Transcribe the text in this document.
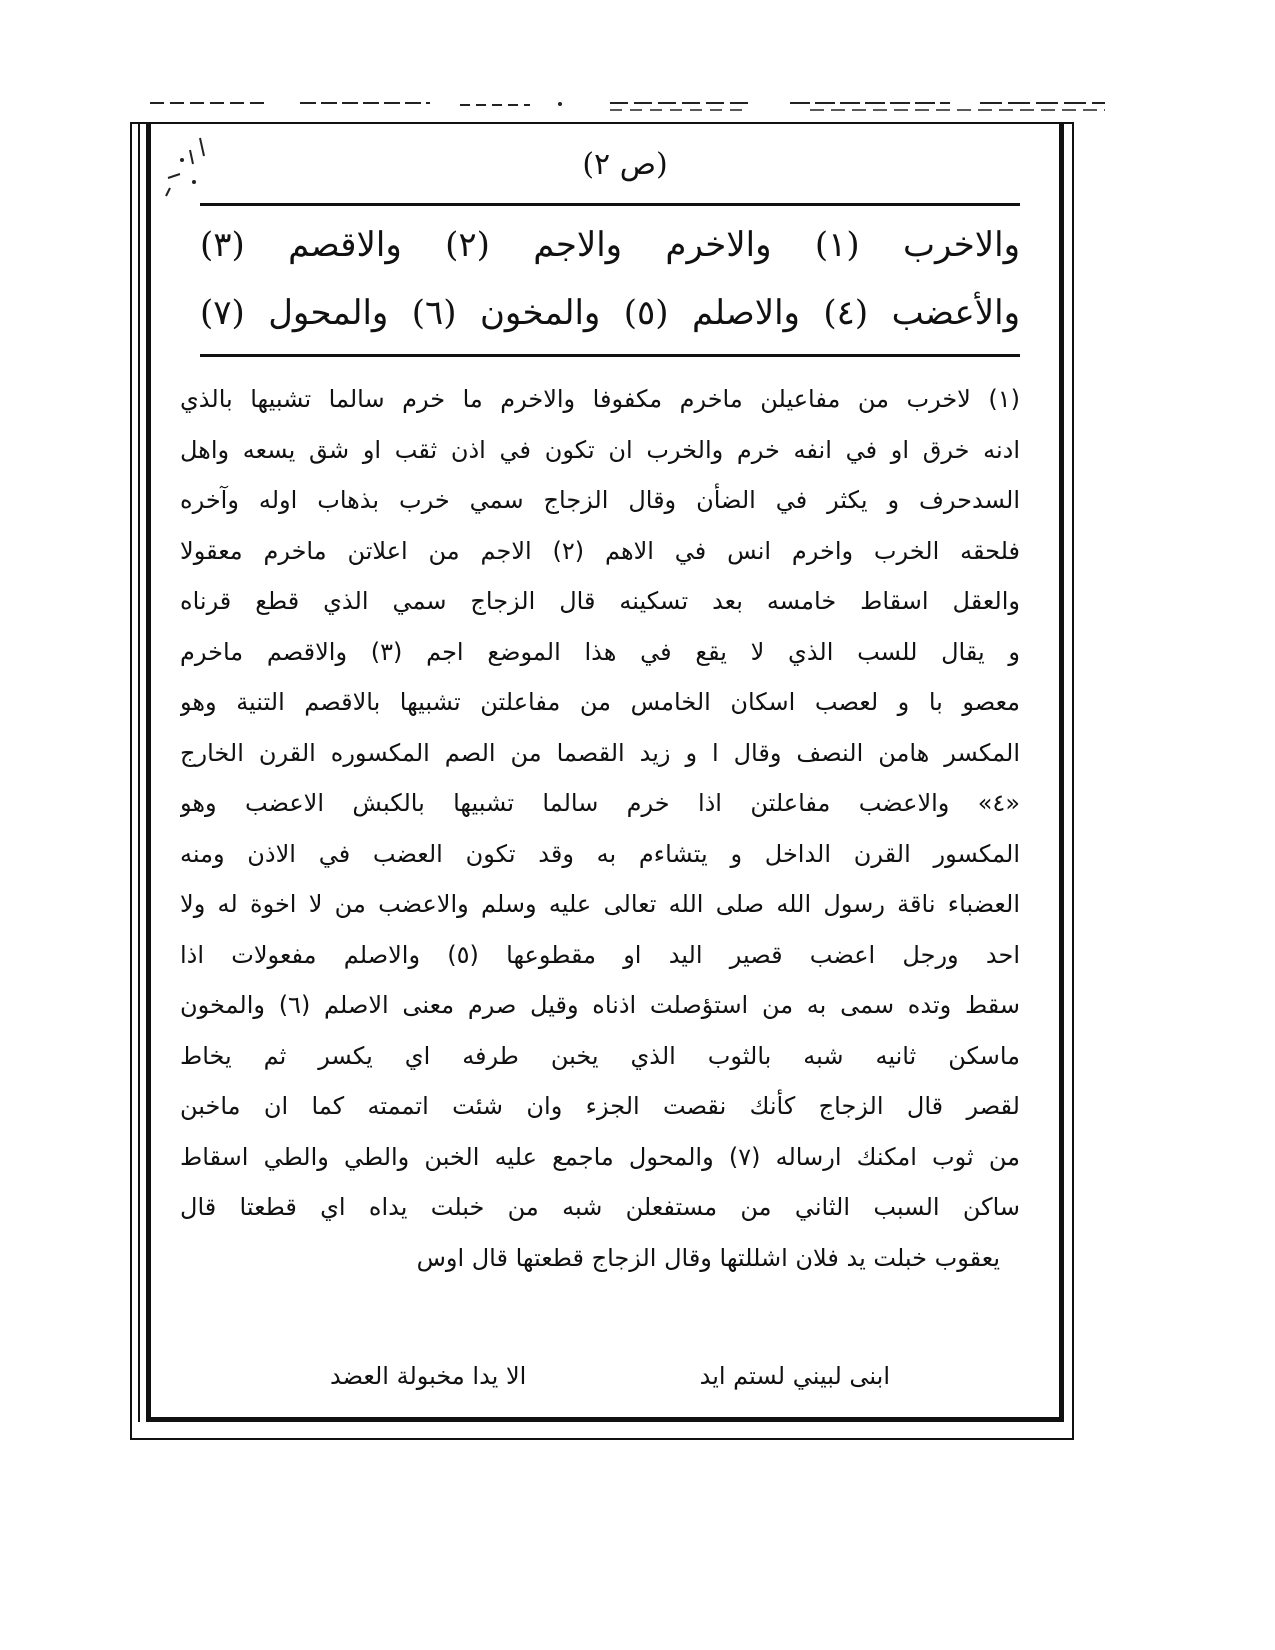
(ص ٢)
والاخرب (١) والاخرم والاجم (٢) والاقصم (٣)
والأعضب (٤) والاصلم (٥) والمخون (٦) والمحول (٧)
(١) لاخرب من مفاعيلن ماخرم مكفوفا والاخرم ما خرم سالما تشبيها بالذي
ادنه خرق او في انفه خرم والخرب ان تكون في اذن ثقب او شق يسعه واهل
السدحرف و يكثر في الضأن وقال الزجاج سمي خرب بذهاب اوله وآخره
فلحقه الخرب واخرم انس في الاهم (٢) الاجم من اعلاتن ماخرم معقولا
والعقل اسقاط خامسه بعد تسكينه قال الزجاج سمي الذي قطع قرناه
و يقال للسب الذي لا يقع في هذا الموضع اجم (٣) والاقصم ماخرم
معصو با و لعصب اسكان الخامس من مفاعلتن تشبيها بالاقصم التنية وهو
المكسر هامن النصف وقال ا و زيد القصما من الصم المكسوره القرن الخارج
«٤» والاعضب مفاعلتن اذا خرم سالما تشبيها بالكبش الاعضب وهو
المكسور القرن الداخل و يتشاءم به وقد تكون العضب في الاذن ومنه
العضباء ناقة رسول الله صلى الله تعالى عليه وسلم والاعضب من لا اخوة له ولا
احد ورجل اعضب قصير اليد او مقطوعها (٥) والاصلم مفعولات اذا
سقط وتده سمى به من استؤصلت اذناه وقيل صرم معنى الاصلم (٦) والمخون
ماسكن ثانيه شبه بالثوب الذي يخبن طرفه اي يكسر ثم يخاط
لقصر قال الزجاج كأنك نقصت الجزء وان شئت اتممته كما ان ماخبن
من ثوب امكنك ارساله (٧) والمحول ماجمع عليه الخبن والطي والطي اسقاط
ساكن السبب الثاني من مستفعلن شبه من خبلت يداه اي قطعتا قال
يعقوب خبلت يد فلان اشللتها وقال الزجاج قطعتها قال اوس
ابنى لبيني لستم ايد
الا يدا مخبولة العضد
